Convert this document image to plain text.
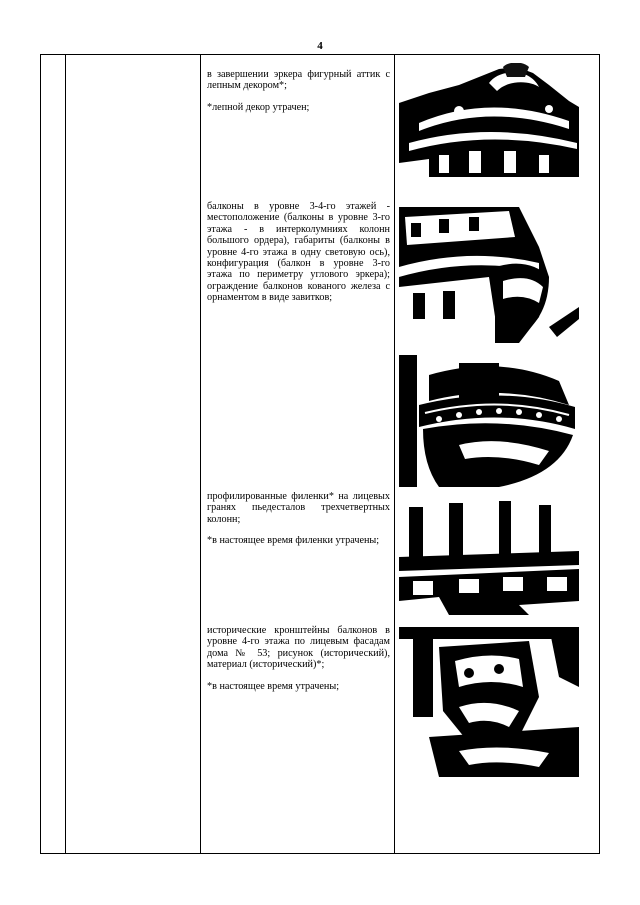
4

в завершении эркера фигурный аттик с лепным декором*;

*лепной декор утрачен;

балконы в уровне 3-4-го этажей - местоположение (балконы в уровне 3-го этажа - в интерколумниях колонн большого ордера), габариты (балконы в уровне 4-го этажа в одну световую ось), конфигурация (балкон в уровне 3-го этажа по периметру углового эркера); ограждение балконов кованого железа с орнаментом в виде завитков;

профилированные филенки* на лицевых гранях пьедесталов трехчетвертных колонн;

*в настоящее время филенки утрачены;

исторические кронштейны балконов в уровне 4-го этажа по лицевым фасадам дома № 53; рисунок (исторический), материал (исторический)*;

*в настоящее время утрачены;
